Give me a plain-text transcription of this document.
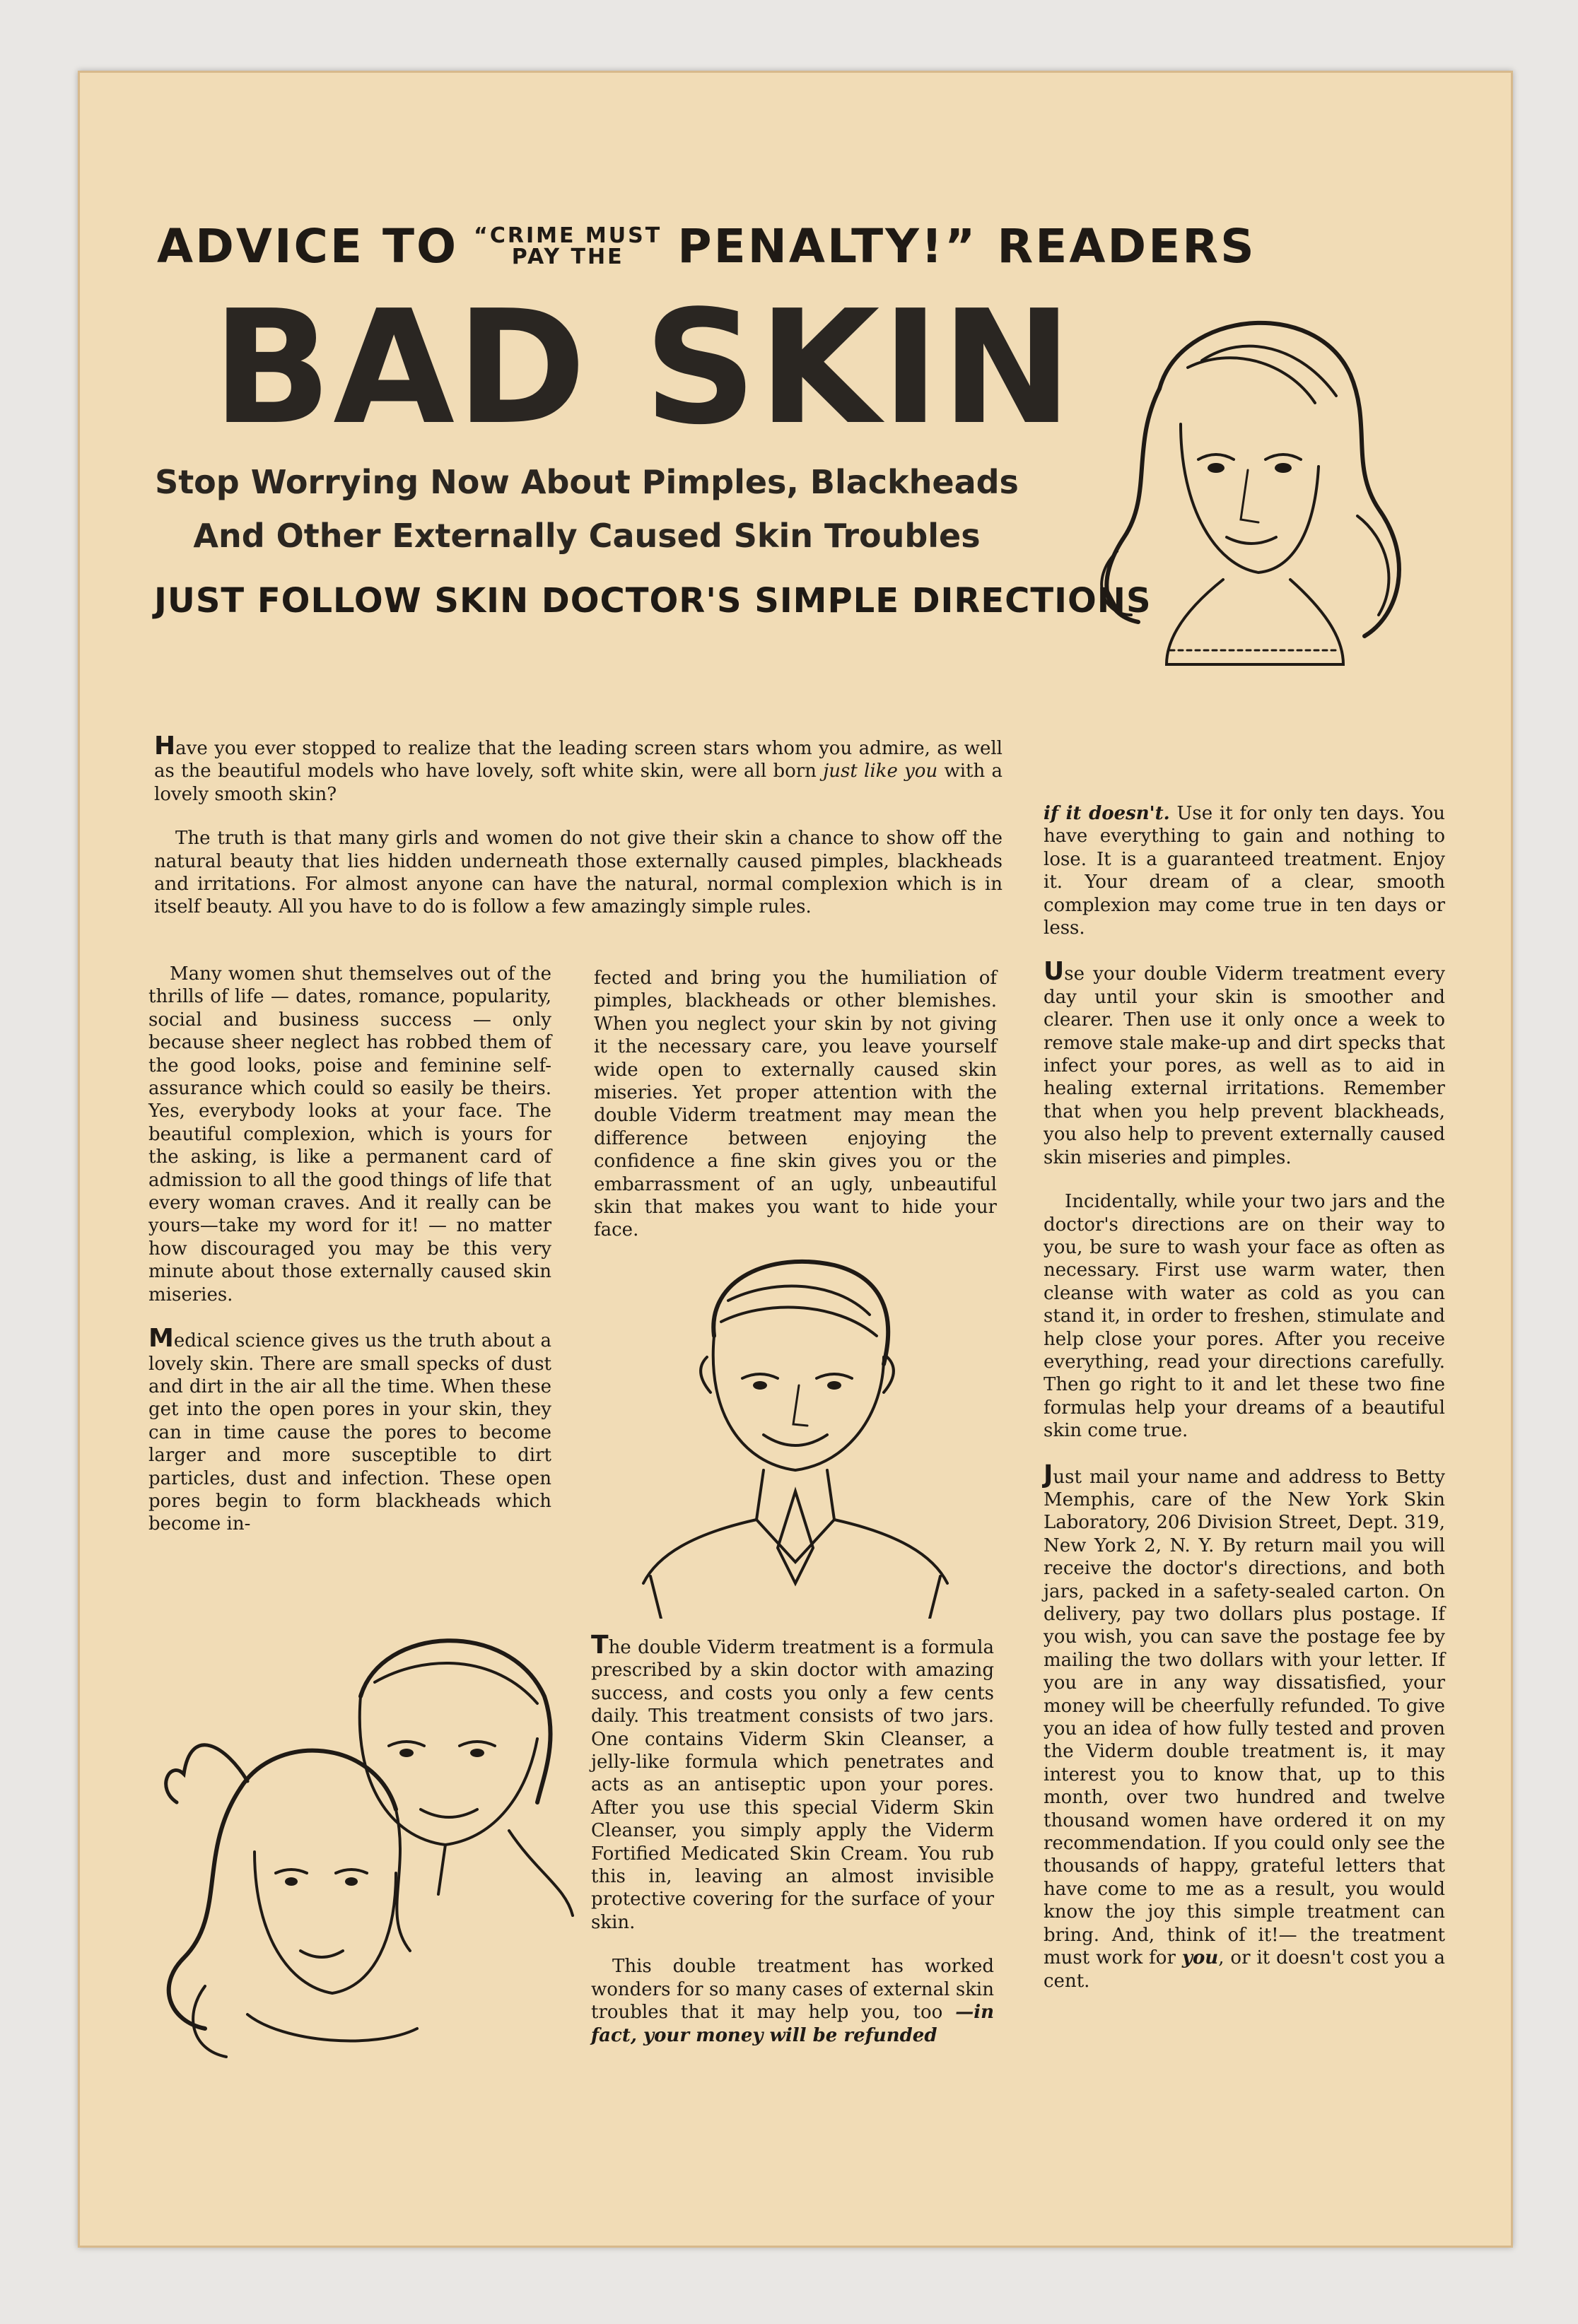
ADVICE TO “CRIME MUST
PAY THE PENALTY!” READERS
BAD SKIN
Stop Worrying Now About Pimples, Blackheads
And Other Externally Caused Skin Troubles
JUST FOLLOW SKIN DOCTOR'S SIMPLE DIRECTIONS

Have you ever stopped to realize that the leading screen stars whom you admire, as well as the beautiful models who have lovely, soft white skin, were all born just like you with a lovely smooth skin?

The truth is that many girls and women do not give their skin a chance to show off the natural beauty that lies hidden underneath those externally caused pimples, blackheads and irritations. For almost anyone can have the natural, normal complexion which is in itself beauty. All you have to do is follow a few amazingly simple rules.

Many women shut themselves out of the thrills of life — dates, romance, popularity, social and business success — only because sheer neglect has robbed them of the good looks, poise and feminine self-assurance which could so easily be theirs. Yes, everybody looks at your face. The beautiful complexion, which is yours for the asking, is like a permanent card of admission to all the good things of life that every woman craves. And it really can be yours—take my word for it! — no matter how discouraged you may be this very minute about those externally caused skin miseries.

Medical science gives us the truth about a lovely skin. There are small specks of dust and dirt in the air all the time. When these get into the open pores in your skin, they can in time cause the pores to become larger and more susceptible to dirt particles, dust and infection. These open pores begin to form blackheads which become in-

fected and bring you the humiliation of pimples, blackheads or other blemishes. When you neglect your skin by not giving it the necessary care, you leave yourself wide open to externally caused skin miseries. Yet proper attention with the double Viderm treatment may mean the difference between enjoying the confidence a fine skin gives you or the embarrassment of an ugly, unbeautiful skin that makes you want to hide your face.

The double Viderm treatment is a formula prescribed by a skin doctor with amazing success, and costs you only a few cents daily. This treatment consists of two jars. One contains Viderm Skin Cleanser, a jelly-like formula which penetrates and acts as an antiseptic upon your pores. After you use this special Viderm Skin Cleanser, you simply apply the Viderm Fortified Medicated Skin Cream. You rub this in, leaving an almost invisible protective covering for the surface of your skin.

This double treatment has worked wonders for so many cases of external skin troubles that it may help you, too —in fact, your money will be refunded

if it doesn't. Use it for only ten days. You have everything to gain and nothing to lose. It is a guaranteed treatment. Enjoy it. Your dream of a clear, smooth complexion may come true in ten days or less.

Use your double Viderm treatment every day until your skin is smoother and clearer. Then use it only once a week to remove stale make-up and dirt specks that infect your pores, as well as to aid in healing external irritations. Remember that when you help prevent blackheads, you also help to prevent externally caused skin miseries and pimples.

Incidentally, while your two jars and the doctor's directions are on their way to you, be sure to wash your face as often as necessary. First use warm water, then cleanse with water as cold as you can stand it, in order to freshen, stimulate and help close your pores. After you receive everything, read your directions carefully. Then go right to it and let these two fine formulas help your dreams of a beautiful skin come true.

Just mail your name and address to Betty Memphis, care of the New York Skin Laboratory, 206 Division Street, Dept. 319, New York 2, N. Y. By return mail you will receive the doctor's directions, and both jars, packed in a safety-sealed carton. On delivery, pay two dollars plus postage. If you wish, you can save the postage fee by mailing the two dollars with your letter. If you are in any way dissatisfied, your money will be cheerfully refunded. To give you an idea of how fully tested and proven the Viderm double treatment is, it may interest you to know that, up to this month, over two hundred and twelve thousand women have ordered it on my recommendation. If you could only see the thousands of happy, grateful letters that have come to me as a result, you would know the joy this simple treatment can bring. And, think of it!— the treatment must work for you, or it doesn't cost you a cent.
